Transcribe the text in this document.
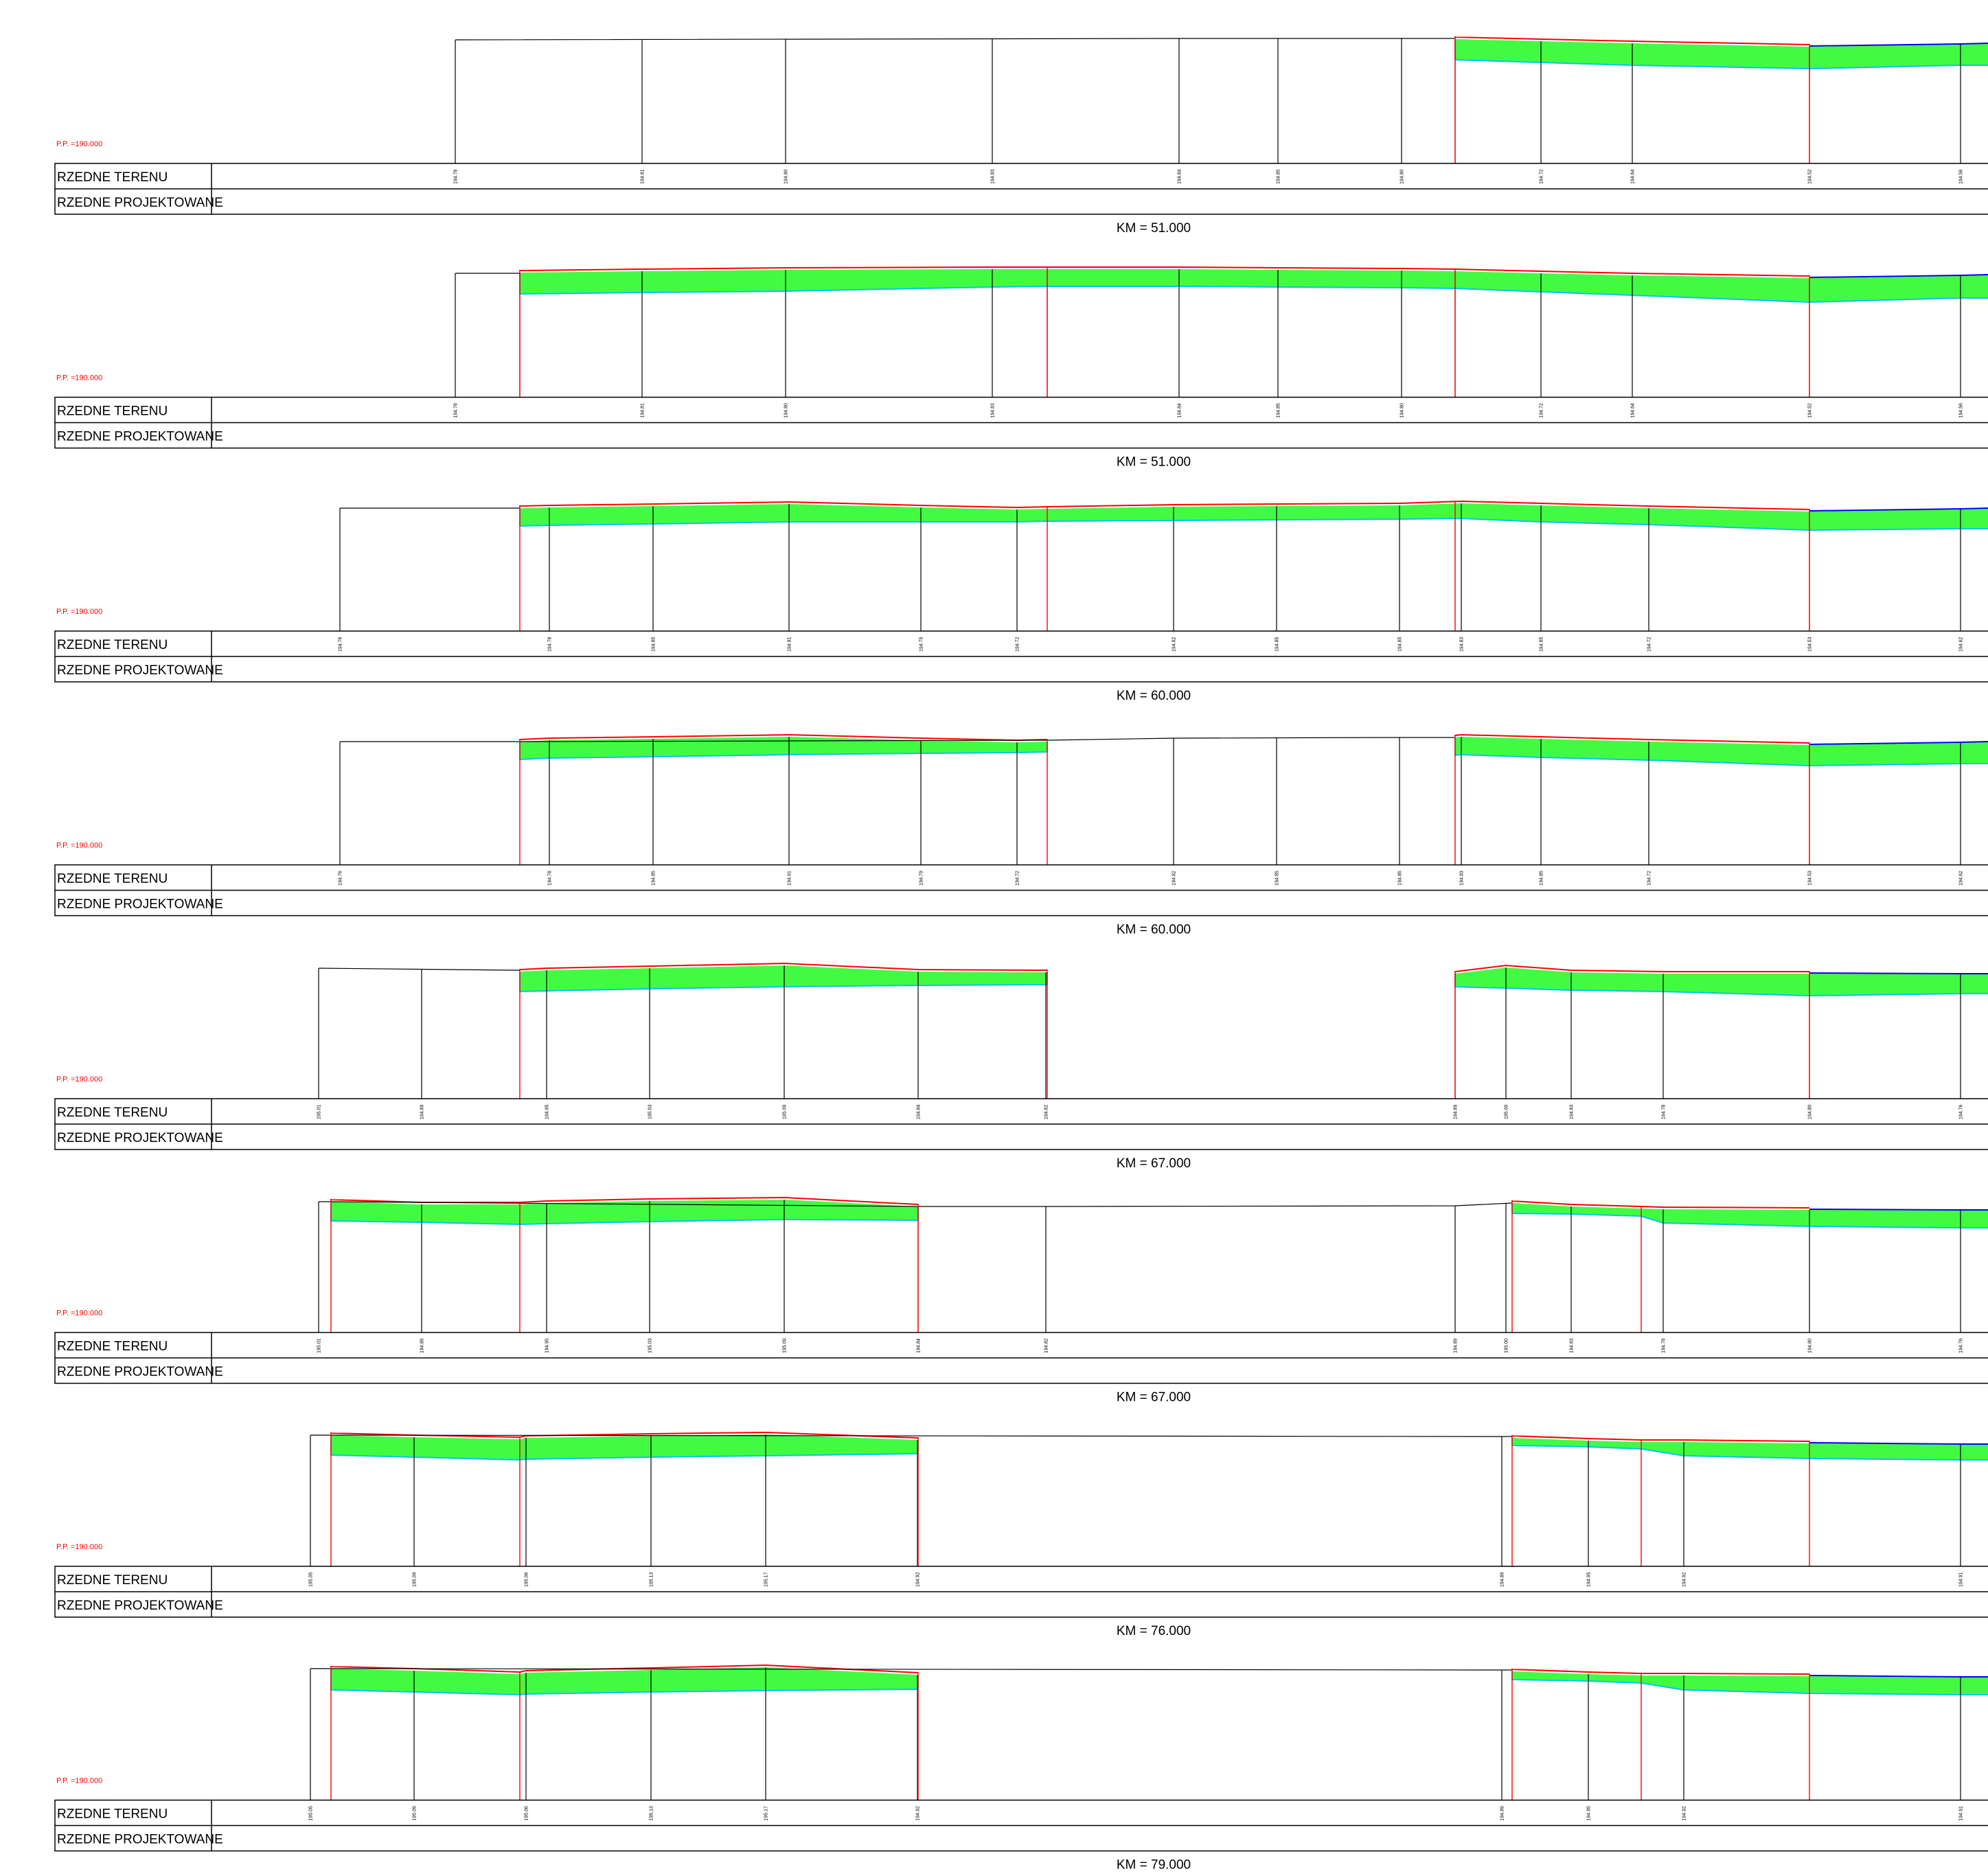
P.P. =190.000
RZEDNE TERENU
RZEDNE PROJEKTOWANE
194.78	194.81	194.80	194.83	194.84	194.85	194.80	194.72	194.64	194.52	194.56
KM = 51.000
P.P. =190.000
RZEDNE TERENU
RZEDNE PROJEKTOWANE
194.78	194.81	194.80	194.83	194.84	194.85	194.80	194.72	194.64	194.52	194.56
KM = 51.000
P.P. =190.000
RZEDNE TERENU
RZEDNE PROJEKTOWANE
194.76	194.78	194.85	194.91	194.79	194.72	194.82	194.85	194.85	194.83	194.85	194.72	194.53	194.62
KM = 60.000
P.P. =190.000
RZEDNE TERENU
RZEDNE PROJEKTOWANE
194.76	194.78	194.85	194.91	194.79	194.72	194.82	194.85	194.85	194.83	194.85	194.72	194.53	194.62
KM = 60.000
P.P. =190.000
RZEDNE TERENU
RZEDNE PROJEKTOWANE
195.01	194.89	194.95	195.03	195.09	194.84	194.82	194.89	195.00	194.83	194.78	194.80	194.76
KM = 67.000
P.P. =190.000
RZEDNE TERENU
RZEDNE PROJEKTOWANE
195.01	194.89	194.95	195.03	195.09	194.84	194.82	194.89	195.00	194.83	194.78	194.80	194.76
KM = 67.000
P.P. =190.000
RZEDNE TERENU
RZEDNE PROJEKTOWANE
195.05	195.09	195.06	195.13	195.17	194.92	194.89	194.95	194.92	194.91
KM = 76.000
P.P. =190.000
RZEDNE TERENU
RZEDNE PROJEKTOWANE
195.05	195.09	195.06	195.13	195.17	194.92	194.89	194.95	194.92	194.91
KM = 79.000
